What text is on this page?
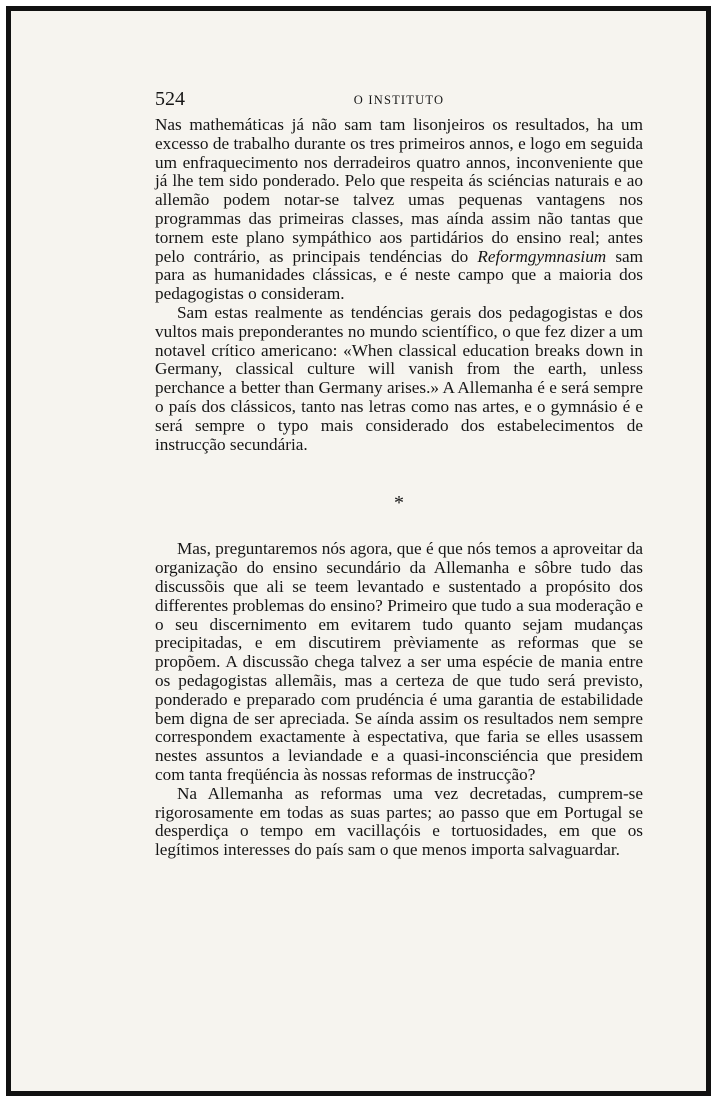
524	O INSTITUTO

Nas mathemáticas já não sam tam lisonjeiros os resultados, ha um excesso de trabalho durante os tres primeiros annos, e logo em seguida um enfraquecimento nos derradeiros quatro annos, inconveniente que já lhe tem sido ponderado. Pelo que respeita ás sciéncias naturais e ao allemão podem notar-se talvez umas pequenas vantagens nos programmas das primeiras classes, mas aínda assim não tantas que tornem este plano sympáthico aos partidários do ensino real; antes pelo contrário, as principais tendéncias do Reformgymnasium sam para as humanidades clássicas, e é neste campo que a maioria dos pedagogistas o consideram.

Sam estas realmente as tendéncias gerais dos pedagogistas e dos vultos mais preponderantes no mundo scientífico, o que fez dizer a um notavel crítico americano: «When classical education breaks down in Germany, classical culture will vanish from the earth, unless perchance a better than Germany arises.» A Allemanha é e será sempre o país dos clássicos, tanto nas letras como nas artes, e o gymnásio é e será sempre o typo mais considerado dos estabelecimentos de instrucção secundária.

*

Mas, preguntaremos nós agora, que é que nós temos a aproveitar da organização do ensino secundário da Allemanha e sôbre tudo das discussõis que ali se teem levantado e sustentado a propósito dos differentes problemas do ensino? Primeiro que tudo a sua moderação e o seu discernimento em evitarem tudo quanto sejam mudanças precipitadas, e em discutirem prèviamente as reformas que se propõem. A discussão chega talvez a ser uma espécie de mania entre os pedagogistas allemãis, mas a certeza de que tudo será previsto, ponderado e preparado com prudéncia é uma garantia de estabilidade bem digna de ser apreciada. Se aínda assim os resultados nem sempre correspondem exactamente à espectativa, que faria se elles usassem nestes assuntos a leviandade e a quasi-inconsciéncia que presidem com tanta freqüéncia às nossas reformas de instrucção?

Na Allemanha as reformas uma vez decretadas, cumprem-se rigorosamente em todas as suas partes; ao passo que em Portugal se desperdiça o tempo em vacillaçóis e tortuosidades, em que os legítimos interesses do país sam o que menos importa salvaguardar.
